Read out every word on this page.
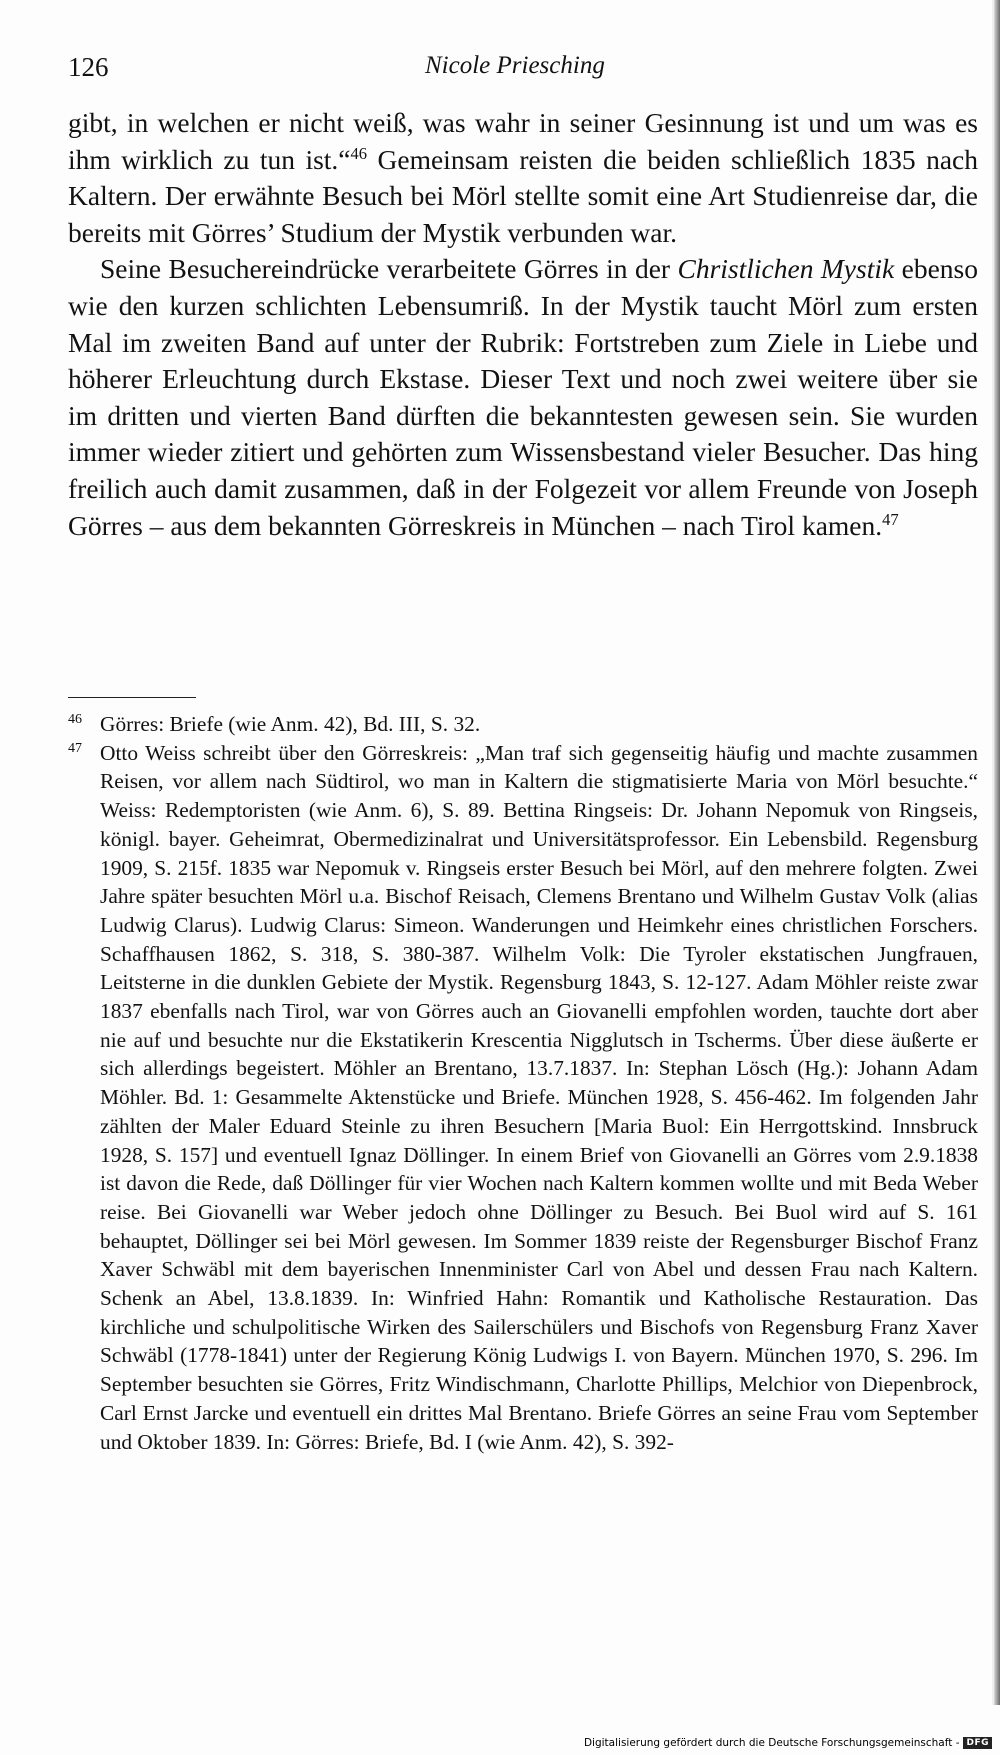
126	Nicole Priesching

gibt, in welchen er nicht weiß, was wahr in seiner Gesinnung ist und um was es ihm wirklich zu tun ist.“$^{46}$ Gemeinsam reisten die beiden schließlich 1835 nach Kaltern. Der erwähnte Besuch bei Mörl stellte somit eine Art Studienreise dar, die bereits mit Görres’ Studium der Mystik verbunden war.

Seine Besuchereindrücke verarbeitete Görres in der Christlichen Mystik ebenso wie den kurzen schlichten Lebensumriß. In der Mystik taucht Mörl zum ersten Mal im zweiten Band auf unter der Rubrik: Fortstreben zum Ziele in Liebe und höherer Erleuchtung durch Ekstase. Dieser Text und noch zwei weitere über sie im dritten und vierten Band dürften die bekanntesten gewesen sein. Sie wurden immer wieder zitiert und gehörten zum Wissensbestand vieler Besucher. Das hing freilich auch damit zusammen, daß in der Folgezeit vor allem Freunde von Joseph Görres – aus dem bekannten Görreskreis in München – nach Tirol kamen.$^{47}$

46 Görres: Briefe (wie Anm. 42), Bd. III, S. 32.

47 Otto Weiss schreibt über den Görreskreis: „Man traf sich gegenseitig häufig und machte zusammen Reisen, vor allem nach Südtirol, wo man in Kaltern die stigmatisierte Maria von Mörl besuchte.“ Weiss: Redemptoristen (wie Anm. 6), S. 89. Bettina Ringseis: Dr. Johann Nepomuk von Ringseis, königl. bayer. Geheimrat, Obermedizinalrat und Universitätsprofessor. Ein Lebensbild. Regensburg 1909, S. 215f. 1835 war Nepomuk v. Ringseis erster Besuch bei Mörl, auf den mehrere folgten. Zwei Jahre später besuchten Mörl u.a. Bischof Reisach, Clemens Brentano und Wilhelm Gustav Volk (alias Ludwig Clarus). Ludwig Clarus: Simeon. Wanderungen und Heimkehr eines christlichen Forschers. Schaffhausen 1862, S. 318, S. 380-387. Wilhelm Volk: Die Tyroler ekstatischen Jungfrauen, Leitsterne in die dunklen Gebiete der Mystik. Regensburg 1843, S. 12-127. Adam Möhler reiste zwar 1837 ebenfalls nach Tirol, war von Görres auch an Giovanelli empfohlen worden, tauchte dort aber nie auf und besuchte nur die Ekstatikerin Krescentia Nigglutsch in Tscherms. Über diese äußerte er sich allerdings begeistert. Möhler an Brentano, 13.7.1837. In: Stephan Lösch (Hg.): Johann Adam Möhler. Bd. 1: Gesammelte Aktenstücke und Briefe. München 1928, S. 456-462. Im folgenden Jahr zählten der Maler Eduard Steinle zu ihren Besuchern [Maria Buol: Ein Herrgottskind. Innsbruck 1928, S. 157] und eventuell Ignaz Döllinger. In einem Brief von Giovanelli an Görres vom 2.9.1838 ist davon die Rede, daß Döllinger für vier Wochen nach Kaltern kommen wollte und mit Beda Weber reise. Bei Giovanelli war Weber jedoch ohne Döllinger zu Besuch. Bei Buol wird auf S. 161 behauptet, Döllinger sei bei Mörl gewesen. Im Sommer 1839 reiste der Regensburger Bischof Franz Xaver Schwäbl mit dem bayerischen Innenminister Carl von Abel und dessen Frau nach Kaltern. Schenk an Abel, 13.8.1839. In: Winfried Hahn: Romantik und Katholische Restauration. Das kirchliche und schulpolitische Wirken des Sailerschülers und Bischofs von Regensburg Franz Xaver Schwäbl (1778-1841) unter der Regierung König Ludwigs I. von Bayern. München 1970, S. 296. Im September besuchten sie Görres, Fritz Windischmann, Charlotte Phillips, Melchior von Diepenbrock, Carl Ernst Jarcke und eventuell ein drittes Mal Brentano. Briefe Görres an seine Frau vom September und Oktober 1839. In: Görres: Briefe, Bd. I (wie Anm. 42), S. 392-

Digitalisierung gefördert durch die Deutsche Forschungsgemeinschaft - DFG
